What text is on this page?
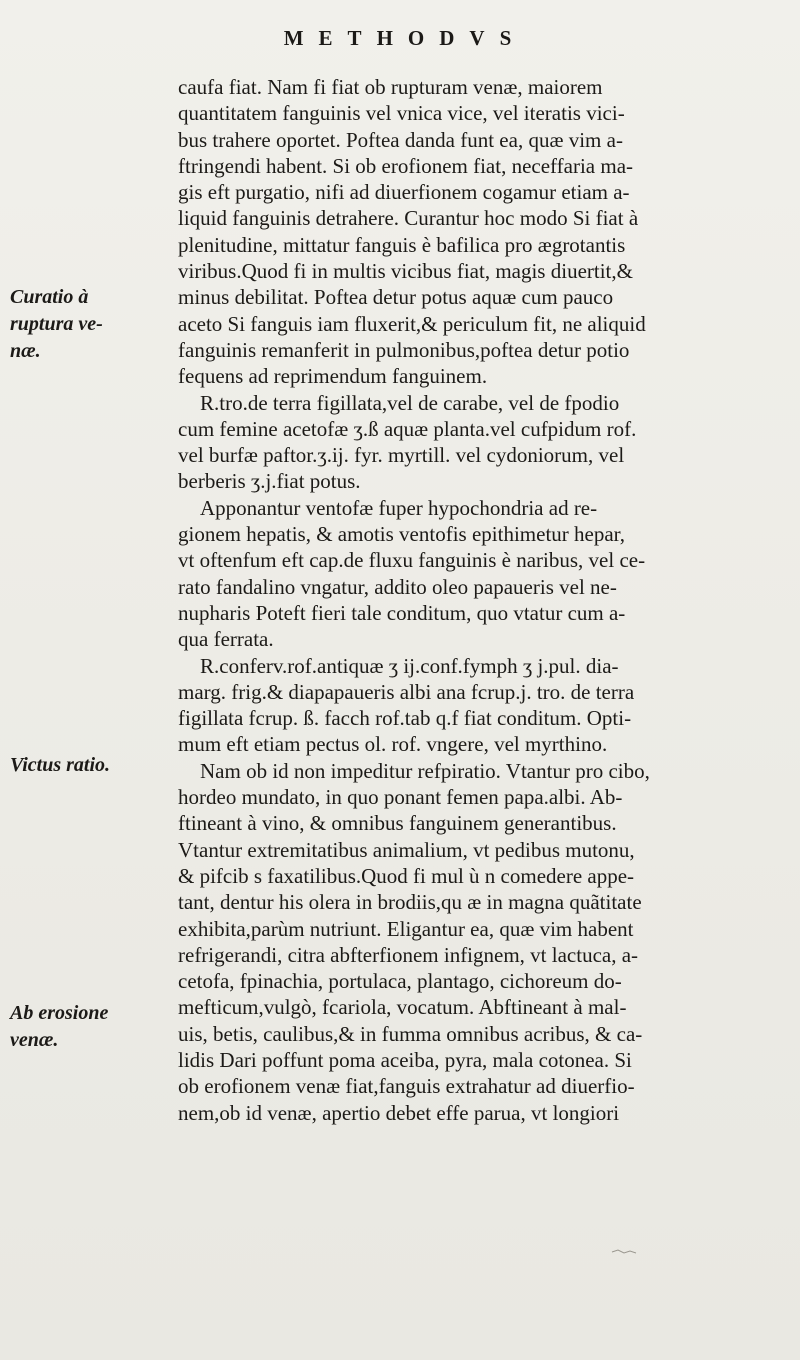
METHODVS
Curatio à ruptura ve-næ.
Victus ratio.
Ab erosione venæ.
caufa fiat. Nam fi fiat ob rupturam venæ, maiorem
quantitatem fanguinis vel vnica vice, vel iteratis vici-
bus trahere oportet. Poftea danda funt ea, quæ vim a-
ftringendi habent. Si ob erofionem fiat, neceffaria ma-
gis eft purgatio, nifi ad diuerfionem cogamur etiam a-
liquid fanguinis detrahere. Curantur hoc modo Si fiat à
plenitudine, mittatur fanguis è bafilica pro ægrotantis
viribus.Quod fi in multis vicibus fiat, magis diuertit,&
minus debilitat. Poftea detur potus aquæ cum pauco
aceto Si fanguis iam fluxerit,& periculum fit, ne aliquid
fanguinis remanferit in pulmonibus,poftea detur potio
fequens ad reprimendum fanguinem.
R.tro.de terra figillata,vel de carabe, vel de fpodio
cum femine acetofæ ʒ.ß aquæ planta.vel cufpidum rof.
vel burfæ paftor.ʒ.ij. fyr. myrtill. vel cydoniorum, vel
berberis ʒ.j.fiat potus.
Apponantur ventofæ fuper hypochondria ad re-
gionem hepatis, & amotis ventofis epithimetur hepar,
vt oftenfum eft cap.de fluxu fanguinis è naribus, vel ce-
rato fandalino vngatur, addito oleo papaueris vel ne-
nupharis Poteft fieri tale conditum, quo vtatur cum a-
qua ferrata.
R.conferv.rof.antiquæ ʒ ij.conf.fymph ʒ j.pul. dia-
marg. frig.& diapapaueris albi ana fcrup.j. tro. de terra
figillata fcrup. ß. facch rof.tab q.f fiat conditum. Opti-
mum eft etiam pectus ol. rof. vngere, vel myrthino.
Nam ob id non impeditur refpiratio. Vtantur pro cibo,
hordeo mundato, in quo ponant femen papa.albi. Ab-
ftineant à vino, & omnibus fanguinem generantibus.
Vtantur extremitatibus animalium, vt pedibus mutonu,
& pifcib s faxatilibus.Quod fi mul ù n comedere appe-
tant, dentur his olera in brodiis,qu æ in magna quãtitate
exhibita,parùm nutriunt. Eligantur ea, quæ vim habent
refrigerandi, citra abfterfionem infignem, vt lactuca, a-
cetofa, fpinachia, portulaca, plantago, cichoreum do-
mefticum,vulgò, fcariola, vocatum. Abftineant à mal-
uis, betis, caulibus,& in fumma omnibus acribus, & ca-
lidis Dari poffunt poma aceiba, pyra, mala cotonea. Si
ob erofionem venæ fiat,fanguis extrahatur ad diuerfio-
nem,ob id venæ, apertio debet effe parua, vt longiori
